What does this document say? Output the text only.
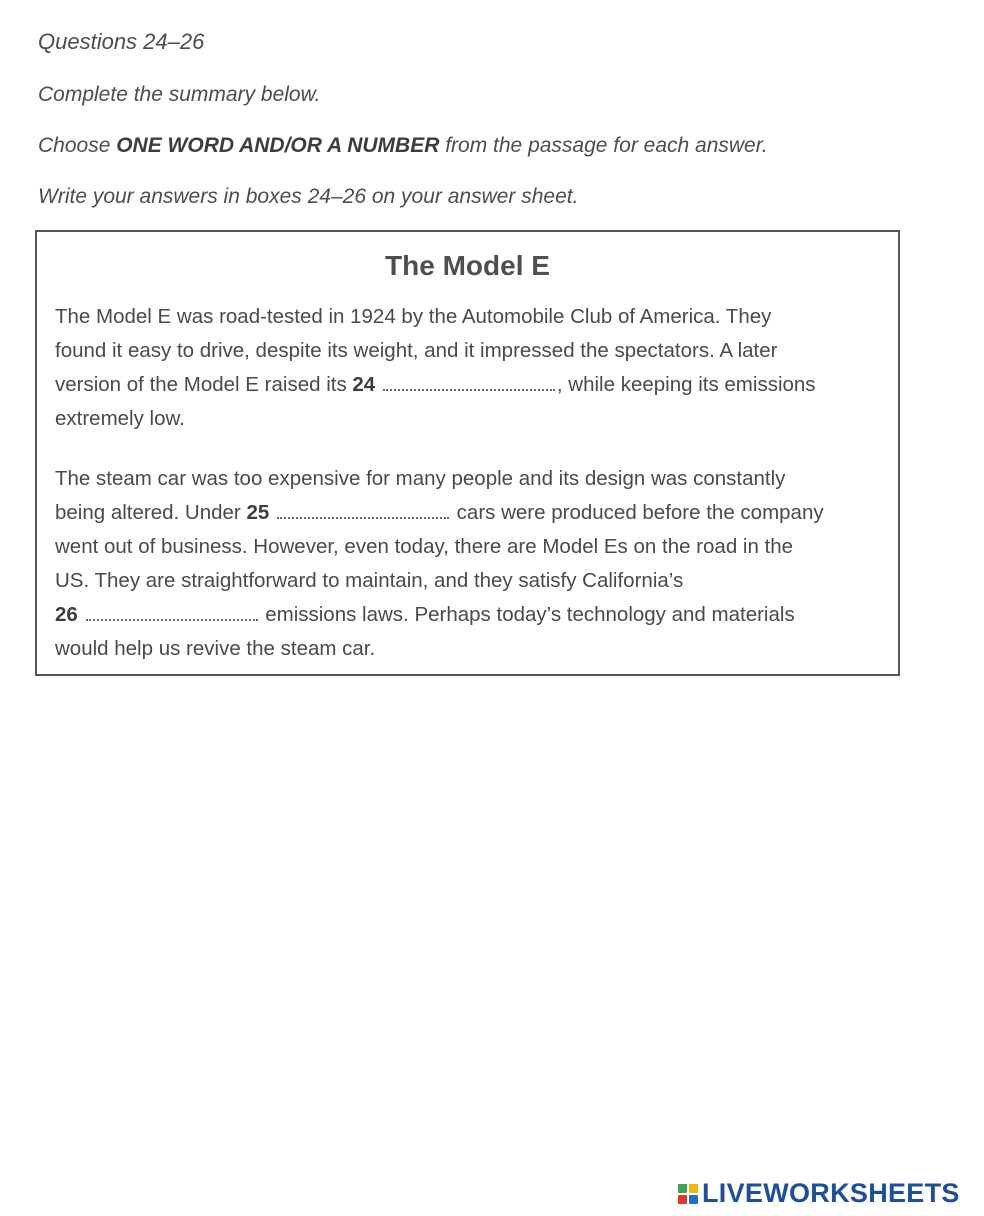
Questions 24–26

Complete the summary below.

Choose ONE WORD AND/OR A NUMBER from the passage for each answer.

Write your answers in boxes 24–26 on your answer sheet.

The Model E

The Model E was road-tested in 1924 by the Automobile Club of America. They
found it easy to drive, despite its weight, and it impressed the spectators. A later
version of the Model E raised its 24	, while keeping its emissions
extremely low.

The steam car was too expensive for many people and its design was constantly
being altered. Under 25	cars were produced before the company
went out of business. However, even today, there are Model Es on the road in the
US. They are straightforward to maintain, and they satisfy California’s
26	emissions laws. Perhaps today’s technology and materials
would help us revive the steam car.

LIVEWORKSHEETS
